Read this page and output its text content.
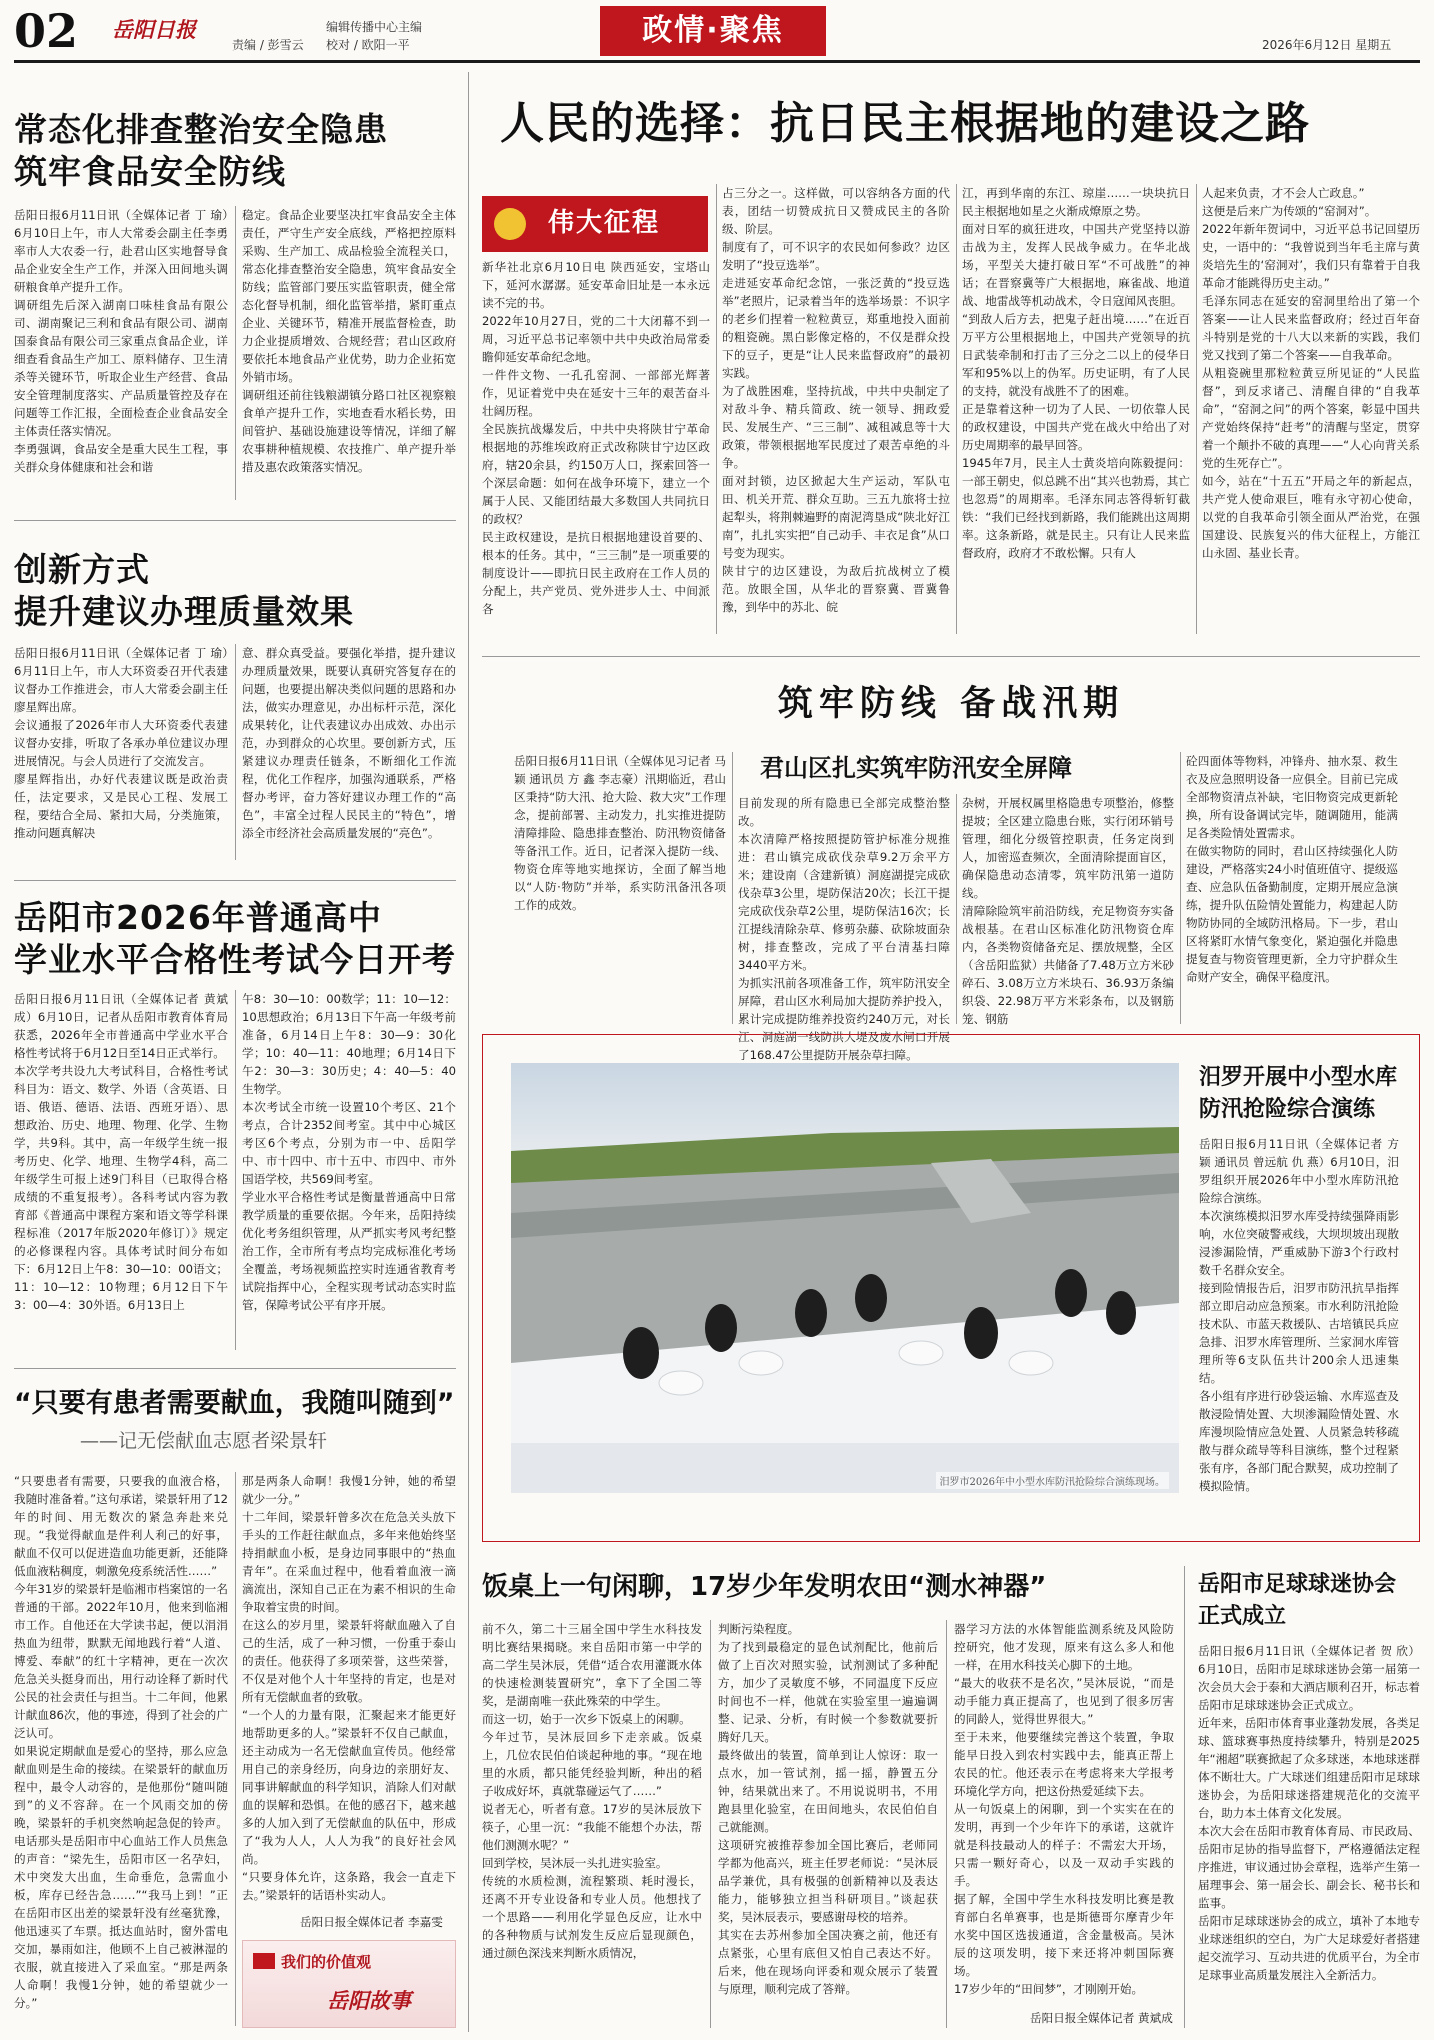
02 岳阳日报
责编 / 彭雪云
编辑传播中心主编
校对 / 欧阳一平	政情·聚焦	2026年6月12日 星期五
常态化排查整治安全隐患
筑牢食品安全防线
岳阳日报6月11日讯（全媒体记者 丁 瑜）6月10日上午，市人大常委会副主任李勇率市人大农委一行，赴君山区实地督导食品企业安全生产工作，并深入田间地头调研粮食单产提升工作。
调研组先后深入湖南口味桂食品有限公司、湖南聚记三利和食品有限公司、湖南国泰食品有限公司三家重点食品企业，详细查看食品生产加工、原料储存、卫生清杀等关键环节，听取企业生产经营、食品安全管理制度落实、产品质量管控及存在问题等工作汇报，全面检查企业食品安全主体责任落实情况。
李勇强调，食品安全是重大民生工程，事关群众身体健康和社会和谐
稳定。食品企业要坚决扛牢食品安全主体责任，严守生产安全底线，严格把控原料采购、生产加工、成品检验全流程关口，常态化排查整治安全隐患，筑牢食品安全防线；监管部门要压实监管职责，健全常态化督导机制，细化监管举措，紧盯重点企业、关键环节，精准开展监督检查，助力企业提质增效、合规经营；君山区政府要依托本地食品产业优势，助力企业拓宽外销市场。
调研组还前往钱粮湖镇分路口社区视察粮食单产提升工作，实地查看水稻长势，田间管护、基础设施建设等情况，详细了解农事耕种植规模、农技推广、单产提升举措及惠农政策落实情况。
创新方式
提升建议办理质量效果
岳阳日报6月11日讯（全媒体记者 丁 瑜）6月11日上午，市人大环资委召开代表建议督办工作推进会，市人大常委会副主任廖星辉出席。
会议通报了2026年市人大环资委代表建议督办安排，听取了各承办单位建议办理进展情况。与会人员进行了交流发言。
廖星辉指出，办好代表建议既是政治责任，法定要求，又是民心工程、发展工程，要结合全局、紧扣大局，分类施策，推动问题真解决
意、群众真受益。要强化举措，提升建议办理质量效果，既要认真研究答复存在的问题，也要提出解决类似问题的思路和办法，做实办理意见，办出标杆示范，深化成果转化，让代表建议办出成效、办出示范，办到群众的心坎里。要创新方式，压紧建议办理责任链条，不断细化工作流程，优化工作程序，加强沟通联系，严格督办考评，奋力答好建议办理工作的“高色”，丰富全过程人民民主的“特色”，增添全市经济社会高质量发展的“亮色”。
岳阳市2026年普通高中
学业水平合格性考试今日开考
岳阳日报6月11日讯（全媒体记者 黄斌成）6月10日，记者从岳阳市教育体育局获悉，2026年全市普通高中学业水平合格性考试将于6月12日至14日正式举行。
本次学考共设九大考试科目，合格性考试科目为：语文、数学、外语（含英语、日语、俄语、德语、法语、西班牙语）、思想政治、历史、地理、物理、化学、生物学，共9科。其中，高一年级学生统一报考历史、化学、地理、生物学4科，高二年级学生可报上述9门科目（已取得合格成绩的不重复报考）。各科考试内容为教育部《普通高中课程方案和语文等学科课程标准（2017年版2020年修订）》规定的必修课程内容。具体考试时间分布如下：6月12日上午8：30—10：00语文；11：10—12：10物理；6月12日下午3：00—4：30外语。6月13日上
午8：30—10：00数学；11：10—12：10思想政治；6月13日下午高一年级考前准备，6月14日上午8：30—9：30化学；10：40—11：40地理；6月14日下午2：30—3：30历史；4：40—5：40生物学。
本次考试全市统一设置10个考区、21个考点，合计2352间考室。其中中心城区考区6个考点，分别为市一中、岳阳学中、市十四中、市十五中、市四中、市外国语学校，共569间考室。
学业水平合格性考试是衡量普通高中日常教学质量的重要依据。今年来，岳阳持续优化考务组织管理，从严抓实考风考纪整治工作，全市所有考点均完成标准化考场全覆盖，考场视频监控实时连通省教育考试院指挥中心，全程实现考试动态实时监管，保障考试公平有序开展。
“只要有患者需要献血，我随叫随到”
——记无偿献血志愿者梁景轩
“只要患者有需要，只要我的血液合格，我随时准备着。”这句承诺，梁景轩用了12年的时间、用无数次的紧急奔赴来兑现。“我觉得献血是件利人利己的好事，献血不仅可以促进造血功能更新，还能降低血液粘稠度，刺激免疫系统活性……”
今年31岁的梁景轩是临湘市档案馆的一名普通的干部。2022年10月，他来到临湘市工作。自他还在大学读书起，便以涓涓热血为纽带，默默无闻地践行着“人道、博爱、奉献”的红十字精神，更在一次次危急关头挺身而出，用行动诠释了新时代公民的社会责任与担当。十二年间，他累计献血86次，他的事迹，得到了社会的广泛认可。
如果说定期献血是爱心的坚持，那么应急献血则是生命的接续。在梁景轩的献血历程中，最令人动容的，是他那份“随叫随到”的义不容辞。在一个风雨交加的傍晚，梁景轩的手机突然响起急促的铃声。电话那头是岳阳市中心血站工作人员焦急的声音：“梁先生，岳阳市区一名孕妇，术中突发大出血，生命垂危，急需血小板，库存已经告急……”“我马上到！”正在岳阳市区出差的梁景轩没有丝毫犹豫，他迅速买了车票。抵达血站时，窗外雷电交加，暴雨如注，他顾不上自己被淋湿的衣服，就直接进入了采血室。“那是两条人命啊！我慢1分钟，她的希望就少一分。”
那是两条人命啊！我慢1分钟，她的希望就少一分。”
十二年间，梁景轩曾多次在危急关头放下手头的工作赶往献血点，多年来他始终坚持捐献血小板，是身边同事眼中的“热血青年”。在采血过程中，他看着血液一滴滴流出，深知自己正在为素不相识的生命争取着宝贵的时间。
在这么的岁月里，梁景轩将献血融入了自己的生活，成了一种习惯，一份重于泰山的责任。他获得了多项荣誉，这些荣誉，不仅是对他个人十年坚持的肯定，也是对所有无偿献血者的致敬。
“一个人的力量有限，汇聚起来才能更好地帮助更多的人。”梁景轩不仅自己献血，还主动成为一名无偿献血宣传员。他经常用自己的亲身经历，向身边的亲朋好友、同事讲解献血的科学知识，消除人们对献血的误解和恐惧。在他的感召下，越来越多的人加入到了无偿献血的队伍中，形成了“我为人人，人人为我”的良好社会风尚。
“只要身体允许，这条路，我会一直走下去。”梁景轩的话语朴实动人。
岳阳日报全媒体记者 李嘉雯
我们的价值观
岳阳故事
人民的选择：抗日民主根据地的建设之路
伟大征程
新华社北京6月10日电 陕西延安，宝塔山下，延河水潺潺。延安革命旧址是一本永远读不完的书。
2022年10月27日，党的二十大闭幕不到一周，习近平总书记率领中共中央政治局常委瞻仰延安革命纪念地。
一件件文物、一孔孔窑洞、一部部光辉著作，见证着党中央在延安十三年的艰苦奋斗壮阔历程。
全民族抗战爆发后，中共中央将陕甘宁革命根据地的苏维埃政府正式改称陕甘宁边区政府，辖20余县，约150万人口，探索回答一个深层命题：如何在战争环境下，建立一个属于人民、又能团结最大多数国人共同抗日的政权？
民主政权建设，是抗日根据地建设首要的、根本的任务。其中，“三三制”是一项重要的制度设计——即抗日民主政府在工作人员的分配上，共产党员、党外进步人士、中间派各
占三分之一。这样做，可以容纳各方面的代表，团结一切赞成抗日又赞成民主的各阶级、阶层。
制度有了，可不识字的农民如何参政？边区发明了“投豆选举”。
走进延安革命纪念馆，一张泛黄的“投豆选举”老照片，记录着当年的选举场景：不识字的老乡们捏着一粒粒黄豆，郑重地投入面前的粗瓷碗。黑白影像定格的，不仅是群众投下的豆子，更是“让人民来监督政府”的最初实践。
为了战胜困难，坚持抗战，中共中央制定了对敌斗争、精兵简政、统一领导、拥政爱民、发展生产、“三三制”、减租减息等十大政策，带领根据地军民度过了艰苦卓绝的斗争。
面对封锁，边区掀起大生产运动，军队屯田、机关开荒、群众互助。三五九旅将士拉起犁头，将荆棘遍野的南泥湾垦成“陕北好江南”，扎扎实实把“自己动手、丰衣足食”从口号变为现实。
陕甘宁的边区建设，为敌后抗战树立了模范。放眼全国，从华北的晋察冀、晋冀鲁豫，到华中的苏北、皖
江，再到华南的东江、琼崖……一块块抗日民主根据地如星之火渐成燎原之势。
面对日军的疯狂进攻，中国共产党坚持以游击战为主，发挥人民战争威力。在华北战场，平型关大捷打破日军“不可战胜”的神话；在晋察冀等广大根据地，麻雀战、地道战、地雷战等机动战术，令日寇闻风丧胆。
“到敌人后方去，把鬼子赶出境……”在近百万平方公里根据地上，中国共产党领导的抗日武装牵制和打击了三分之二以上的侵华日军和95%以上的伪军。历史证明，有了人民的支持，就没有战胜不了的困难。
正是靠着这种一切为了人民、一切依靠人民的政权建设，中国共产党在战火中给出了对历史周期率的最早回答。
1945年7月，民主人士黄炎培向陈毅提问：一部王朝史，似总跳不出“其兴也勃焉，其亡也忽焉”的周期率。毛泽东同志答得斩钉截铁：“我们已经找到新路，我们能跳出这周期率。这条新路，就是民主。只有让人民来监督政府，政府才不敢松懈。只有人
人起来负责，才不会人亡政息。”
这便是后来广为传颂的“窑洞对”。
2022年新年贺词中，习近平总书记回望历史，一语中的：“我曾说到当年毛主席与黄炎培先生的‘窑洞对’，我们只有靠着于自我革命才能跳得历史主动。”
毛泽东同志在延安的窑洞里给出了第一个答案——让人民来监督政府；经过百年奋斗特别是党的十八大以来新的实践，我们党又找到了第二个答案——自我革命。
从粗瓷碗里那粒粒黄豆所见证的“人民监督”，到反求诸己、清醒自律的“自我革命”，“窑洞之问”的两个答案，彰显中国共产党始终保持“赶考”的清醒与坚定，贯穿着一个颠扑不破的真理——“人心向背关系党的生死存亡”。
如今，站在“十五五”开局之年的新起点，共产党人使命艰巨，唯有永守初心使命，以党的自我革命引领全面从严治党，在强国建设、民族复兴的伟大征程上，方能江山永固、基业长青。
筑牢防线 备战汛期
君山区扎实筑牢防汛安全屏障
岳阳日报6月11日讯（全媒体见习记者 马 颖 通讯员 方 鑫 李志豪）汛期临近，君山区秉持“防大汛、抢大险、救大灾”工作理念，提前部署、主动发力，扎实推进提防清障排险、隐患排查整治、防汛物资储备等备汛工作。近日，记者深入提防一线、物资仓库等地实地探访，全面了解当地以“人防·物防”并举，系实防汛备汛各项工作的成效。
目前发现的所有隐患已全部完成整治整改。
本次清障严格按照提防管护标准分规推进：君山镇完成砍伐杂草9.2万余平方米；建设南（含建新镇）洞庭湖提完成砍伐杂草3公里，堤防保洁20次；长江干提完成砍伐杂草2公里，堤防保洁16次；长江提线清除杂草、修剪杂藤、砍除坡面杂树，排查整改，完成了平台清基扫障3440平方米。
为抓实汛前各项准备工作，筑牢防汛安全屏障，君山区水利局加大提防养护投入，累计完成提防维养投资约240万元，对长江、洞庭湖一线防洪大堤及废水闸口开展了168.47公里提防开展杂草扫障。
杂树，开展权属里格隐患专项整治，修整提坡；全区建立隐患台账，实行闭环销号管理，细化分级管控职责，任务定岗到人，加密巡查频次，全面清除提面盲区，确保隐患动态清零，筑牢防汛第一道防线。
清障除险筑牢前沿防线，充足物资夯实备战根基。在君山区标准化防汛物资仓库内，各类物资储备充足、摆放规整，全区（含岳阳监狱）共储备了7.48万立方米砂碎石、3.08万立方米块石、36.93万条编织袋、22.98万平方米彩条布，以及钢筋笼、钢筋
砼四面体等物料，冲锋舟、抽水泵、救生衣及应急照明设备一应俱全。目前已完成全部物资清点补缺，宅旧物资完成更新轮换，所有设备调试完毕，随调随用，能满足各类险情处置需求。
在做实物防的同时，君山区持续强化人防建设，严格落实24小时值班值守、提级巡查、应急队伍备勤制度，定期开展应急演练，提升队伍险情处置能力，构建起人防物防协同的全域防汛格局。下一步，君山区将紧盯水情气象变化，紧迫强化并隐患提复查与物资管理更新，全力守护群众生命财产安全，确保平稳度汛。
汨罗市2026年中小型水库防汛抢险综合演练现场。
汨罗开展中小型水库
防汛抢险综合演练
岳阳日报6月11日讯（全媒体记者 方 颖 通讯员 曾远航 仇 燕）6月10日，汨罗组织开展2026年中小型水库防汛抢险综合演练。
本次演练模拟汨罗水库受持续强降雨影响，水位突破警戒线，大坝坝坡出现散浸渗漏险情，严重威胁下游3个行政村数千名群众安全。
接到险情报告后，汨罗市防汛抗旱指挥部立即启动应急预案。市水利防汛抢险技术队、市蓝天救援队、古培镇民兵应急排、汨罗水库管理所、兰家洞水库管理所等6支队伍共计200余人迅速集结。
各小组有序进行砂袋运输、水库巡查及散浸险情处置、大坝渗漏险情处置、水库漫坝险情应急处置、人员紧急转移疏散与群众疏导等科目演练，整个过程紧张有序，各部门配合默契，成功控制了模拟险情。
饭桌上一句闲聊，17岁少年发明农田“测水神器”
前不久，第二十三届全国中学生水科技发明比赛结果揭晓。来自岳阳市第一中学的高二学生吴沐辰，凭借“适合农用灌溉水体的快速检测装置研究”，拿下了全国二等奖，是湖南唯一获此殊荣的中学生。
而这一切，始于一次乡下饭桌上的闲聊。
今年过节，吴沐辰回乡下走亲戚。饭桌上，几位农民伯伯谈起种地的事。“现在地里的水质，都只能凭经验判断，种出的稻子收成好坏，真就靠碰运气了……”
说者无心，听者有意。17岁的吴沐辰放下筷子，心里一沉：“我能不能想个办法，帮他们测测水呢？”
回到学校，吴沐辰一头扎进实验室。
传统的水质检测，流程繁琐、耗时漫长，还离不开专业设备和专业人员。他想找了一个思路——利用化学显色反应，让水中的各种物质与试剂发生反应后显现颜色，通过颜色深浅来判断水质情况，
判断污染程度。
为了找到最稳定的显色试剂配比，他前后做了上百次对照实验，试剂测试了多种配方，加少了灵敏度不够，不同温度下反应时间也不一样，他就在实验室里一遍遍调整、记录、分析，有时候一个参数就要折腾好几天。
最终做出的装置，简单到让人惊讶：取一点水，加一管试剂，摇一摇，静置五分钟，结果就出来了。不用说说明书，不用跑县里化验室，在田间地头，农民伯伯自己就能测。
这项研究被推荐参加全国比赛后，老师同学都为他高兴，班主任罗老师说：“吴沐辰品学兼优，具有极强的创新精神以及表达能力，能够独立担当科研项目。”谈起获奖，吴沐辰表示，要感谢母校的培养。
其实在去苏州参加全国决赛之前，他还有点紧张，心里有底但又怕自己表达不好。后来，他在现场向评委和观众展示了装置与原理，顺利完成了答辩。
器学习方法的水体智能监测系统及风险防控研究，他才发现，原来有这么多人和他一样，在用水科技关心脚下的土地。
“最大的收获不是名次，”吴沐辰说，“而是动手能力真正提高了，也见到了很多厉害的同龄人，觉得世界很大。”
至于未来，他要继续完善这个装置，争取能早日投入到农村实践中去，能真正帮上农民的忙。他还表示在考虑将来大学报考环境化学方向，把这份热爱延续下去。
从一句饭桌上的闲聊，到一个实实在在的发明，再到一个少年许下的承诺，这就许就是科技最动人的样子：不需宏大开场，只需一颗好奇心，以及一双动手实践的手。
据了解，全国中学生水科技发明比赛是教育部白名单赛事，也是斯德哥尔摩青少年水奖中国区选拔通道，含金量极高。吴沐辰的这项发明，接下来还将冲刺国际赛场。
17岁少年的“田间梦”，才刚刚开始。
岳阳日报全媒体记者 黄斌成
岳阳市足球球迷协会
正式成立
岳阳日报6月11日讯（全媒体记者 贺 欣）6月10日，岳阳市足球球迷协会第一届第一次会员大会于泰和大酒店顺利召开，标志着岳阳市足球球迷协会正式成立。
近年来，岳阳市体育事业蓬勃发展，各类足球、篮球赛事热度持续攀升，特别是2025年“湘超”联赛掀起了众多球迷，本地球迷群体不断壮大。广大球迷们组建岳阳市足球球迷协会，为岳阳球迷搭建规范化的交流平台，助力本土体育文化发展。
本次大会在岳阳市教育体育局、市民政局、岳阳市足协的指导监督下，严格遵循法定程序推进，审议通过协会章程，选举产生第一届理事会、第一届会长、副会长、秘书长和监事。
岳阳市足球球迷协会的成立，填补了本地专业球迷组织的空白，为广大足球爱好者搭建起交流学习、互动共进的优质平台，为全市足球事业高质量发展注入全新活力。
